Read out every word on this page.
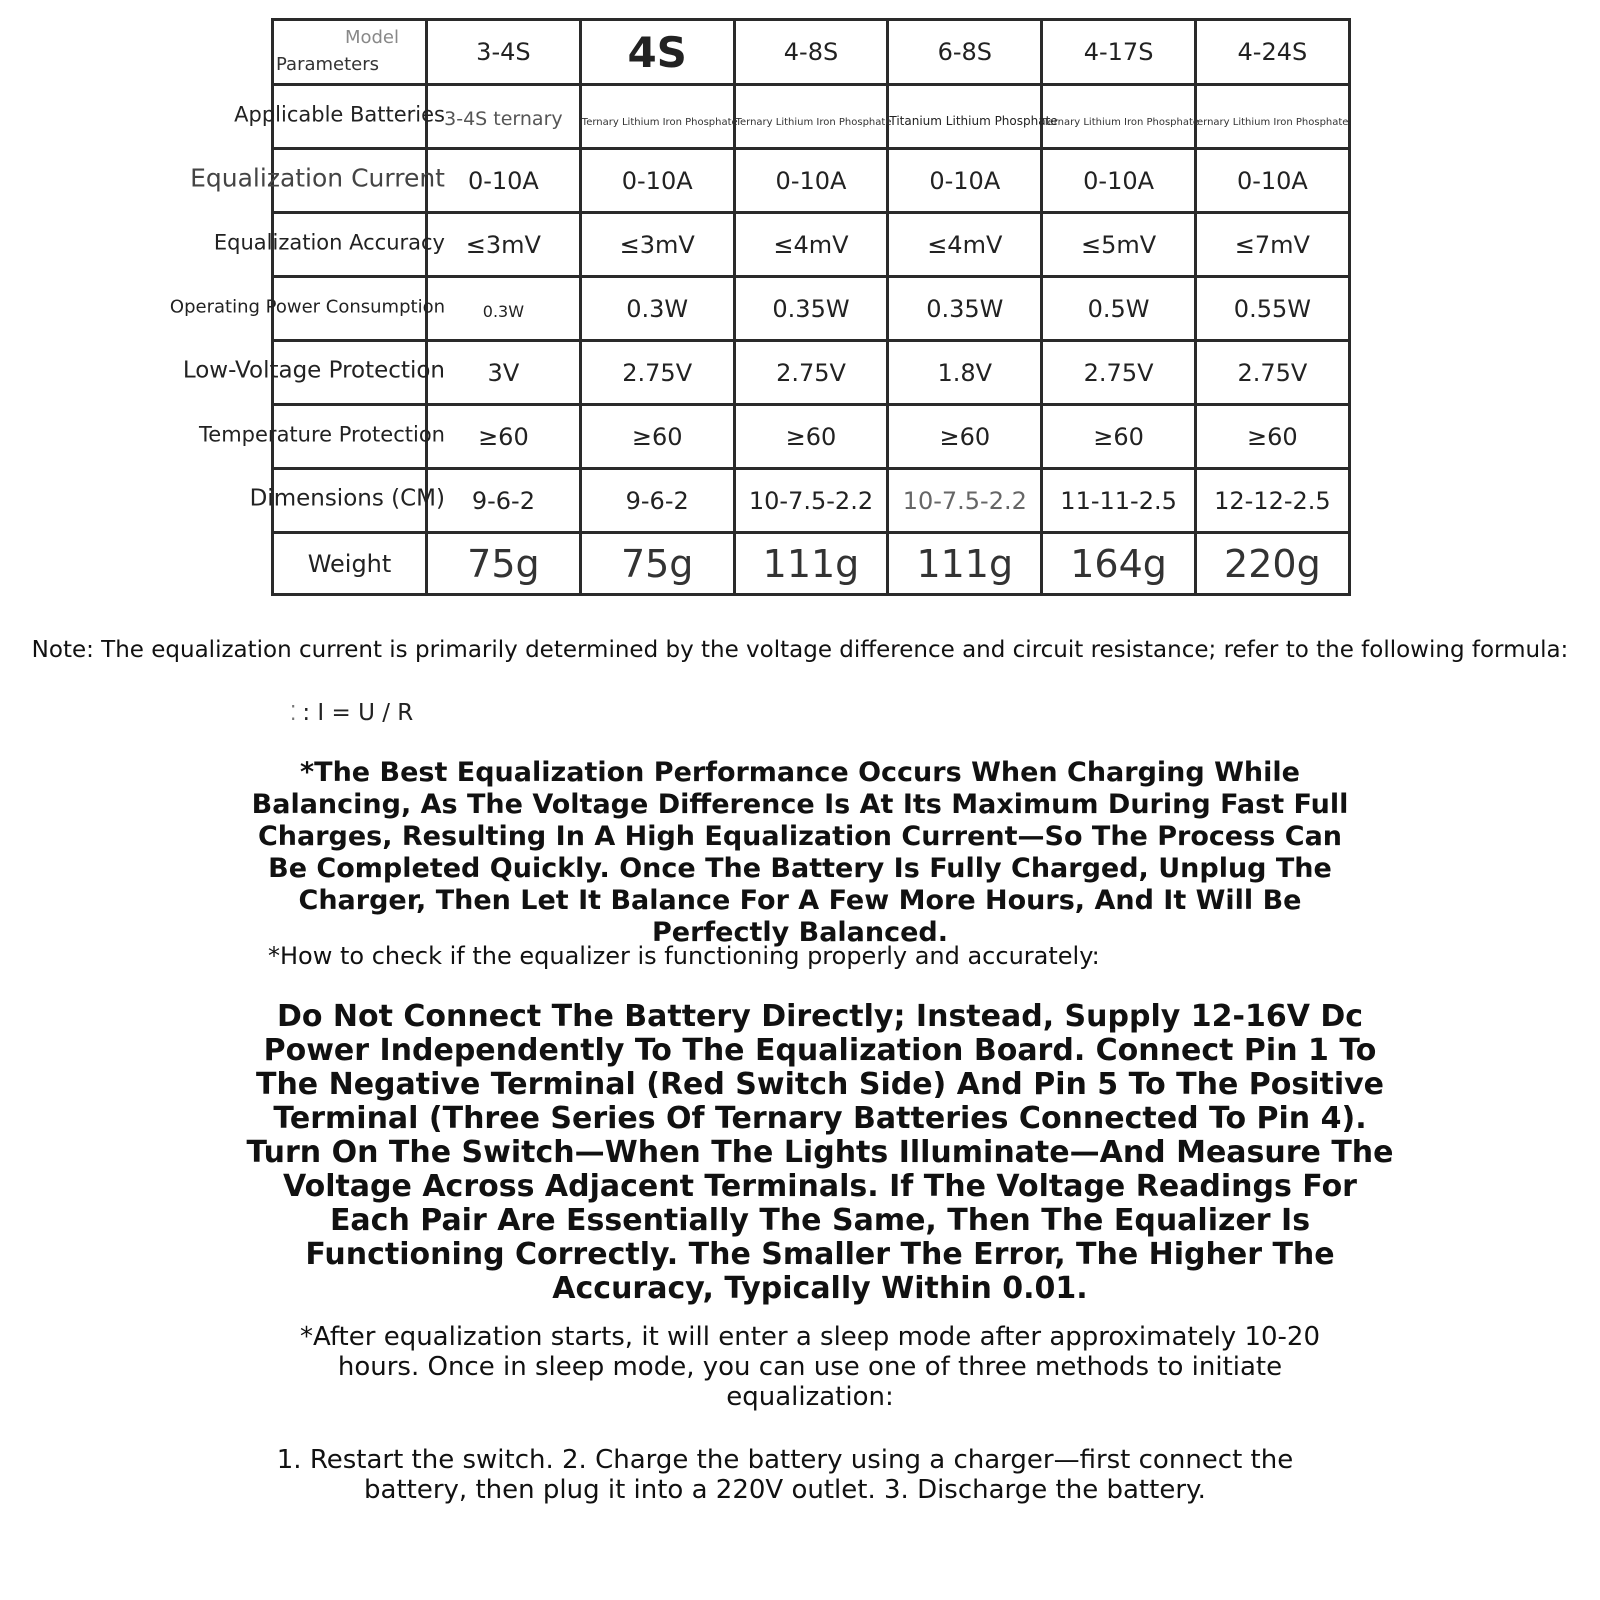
Model
Parameters	3-4S	4S	4-8S	6-8S	4-17S	4-24S

Applicable Batteries	3-4S ternary	Ternary Lithium Iron Phosphate	Ternary Lithium Iron Phosphate	Titanium Lithium Phosphate	Ternary Lithium Iron Phosphate	ernary Lithium Iron Phosphate

Equalization Current	0-10A	0-10A	0-10A	0-10A	0-10A	0-10A

Equalization Accuracy	≤3mV	≤3mV	≤4mV	≤4mV	≤5mV	≤7mV

Operating Power Consumption	0.3W	0.3W	0.35W	0.35W	0.5W	0.55W

Low-Voltage Protection	3V	2.75V	2.75V	1.8V	2.75V	2.75V

Temperature Protection	≥60	≥60	≥60	≥60	≥60	≥60

Dimensions (CM)	9-6-2	9-6-2	10-7.5-2.2	10-7.5-2.2	11-11-2.5	12-12-2.5
Weight	75g	75g	111g	111g	164g	220g
Note: The equalization current is primarily determined by the voltage difference and circuit resistance; refer to the following formula:
⁚ : I = U / R
*The Best Equalization Performance Occurs When Charging While Balancing, As The Voltage Difference Is At Its Maximum During Fast Full Charges, Resulting In A High Equalization Current—So The Process Can Be Completed Quickly. Once The Battery Is Fully Charged, Unplug The Charger, Then Let It Balance For A Few More Hours, And It Will Be Perfectly Balanced.
*How to check if the equalizer is functioning properly and accurately:
Do Not Connect The Battery Directly; Instead, Supply 12-16V Dc Power Independently To The Equalization Board. Connect Pin 1 To The Negative Terminal (Red Switch Side) And Pin 5 To The Positive Terminal (Three Series Of Ternary Batteries Connected To Pin 4). Turn On The Switch—When The Lights Illuminate—And Measure The Voltage Across Adjacent Terminals. If The Voltage Readings For Each Pair Are Essentially The Same, Then The Equalizer Is Functioning Correctly. The Smaller The Error, The Higher The Accuracy, Typically Within 0.01.
*After equalization starts, it will enter a sleep mode after approximately 10-20 hours. Once in sleep mode, you can use one of three methods to initiate equalization:
1. Restart the switch. 2. Charge the battery using a charger—first connect the battery, then plug it into a 220V outlet. 3. Discharge the battery.
